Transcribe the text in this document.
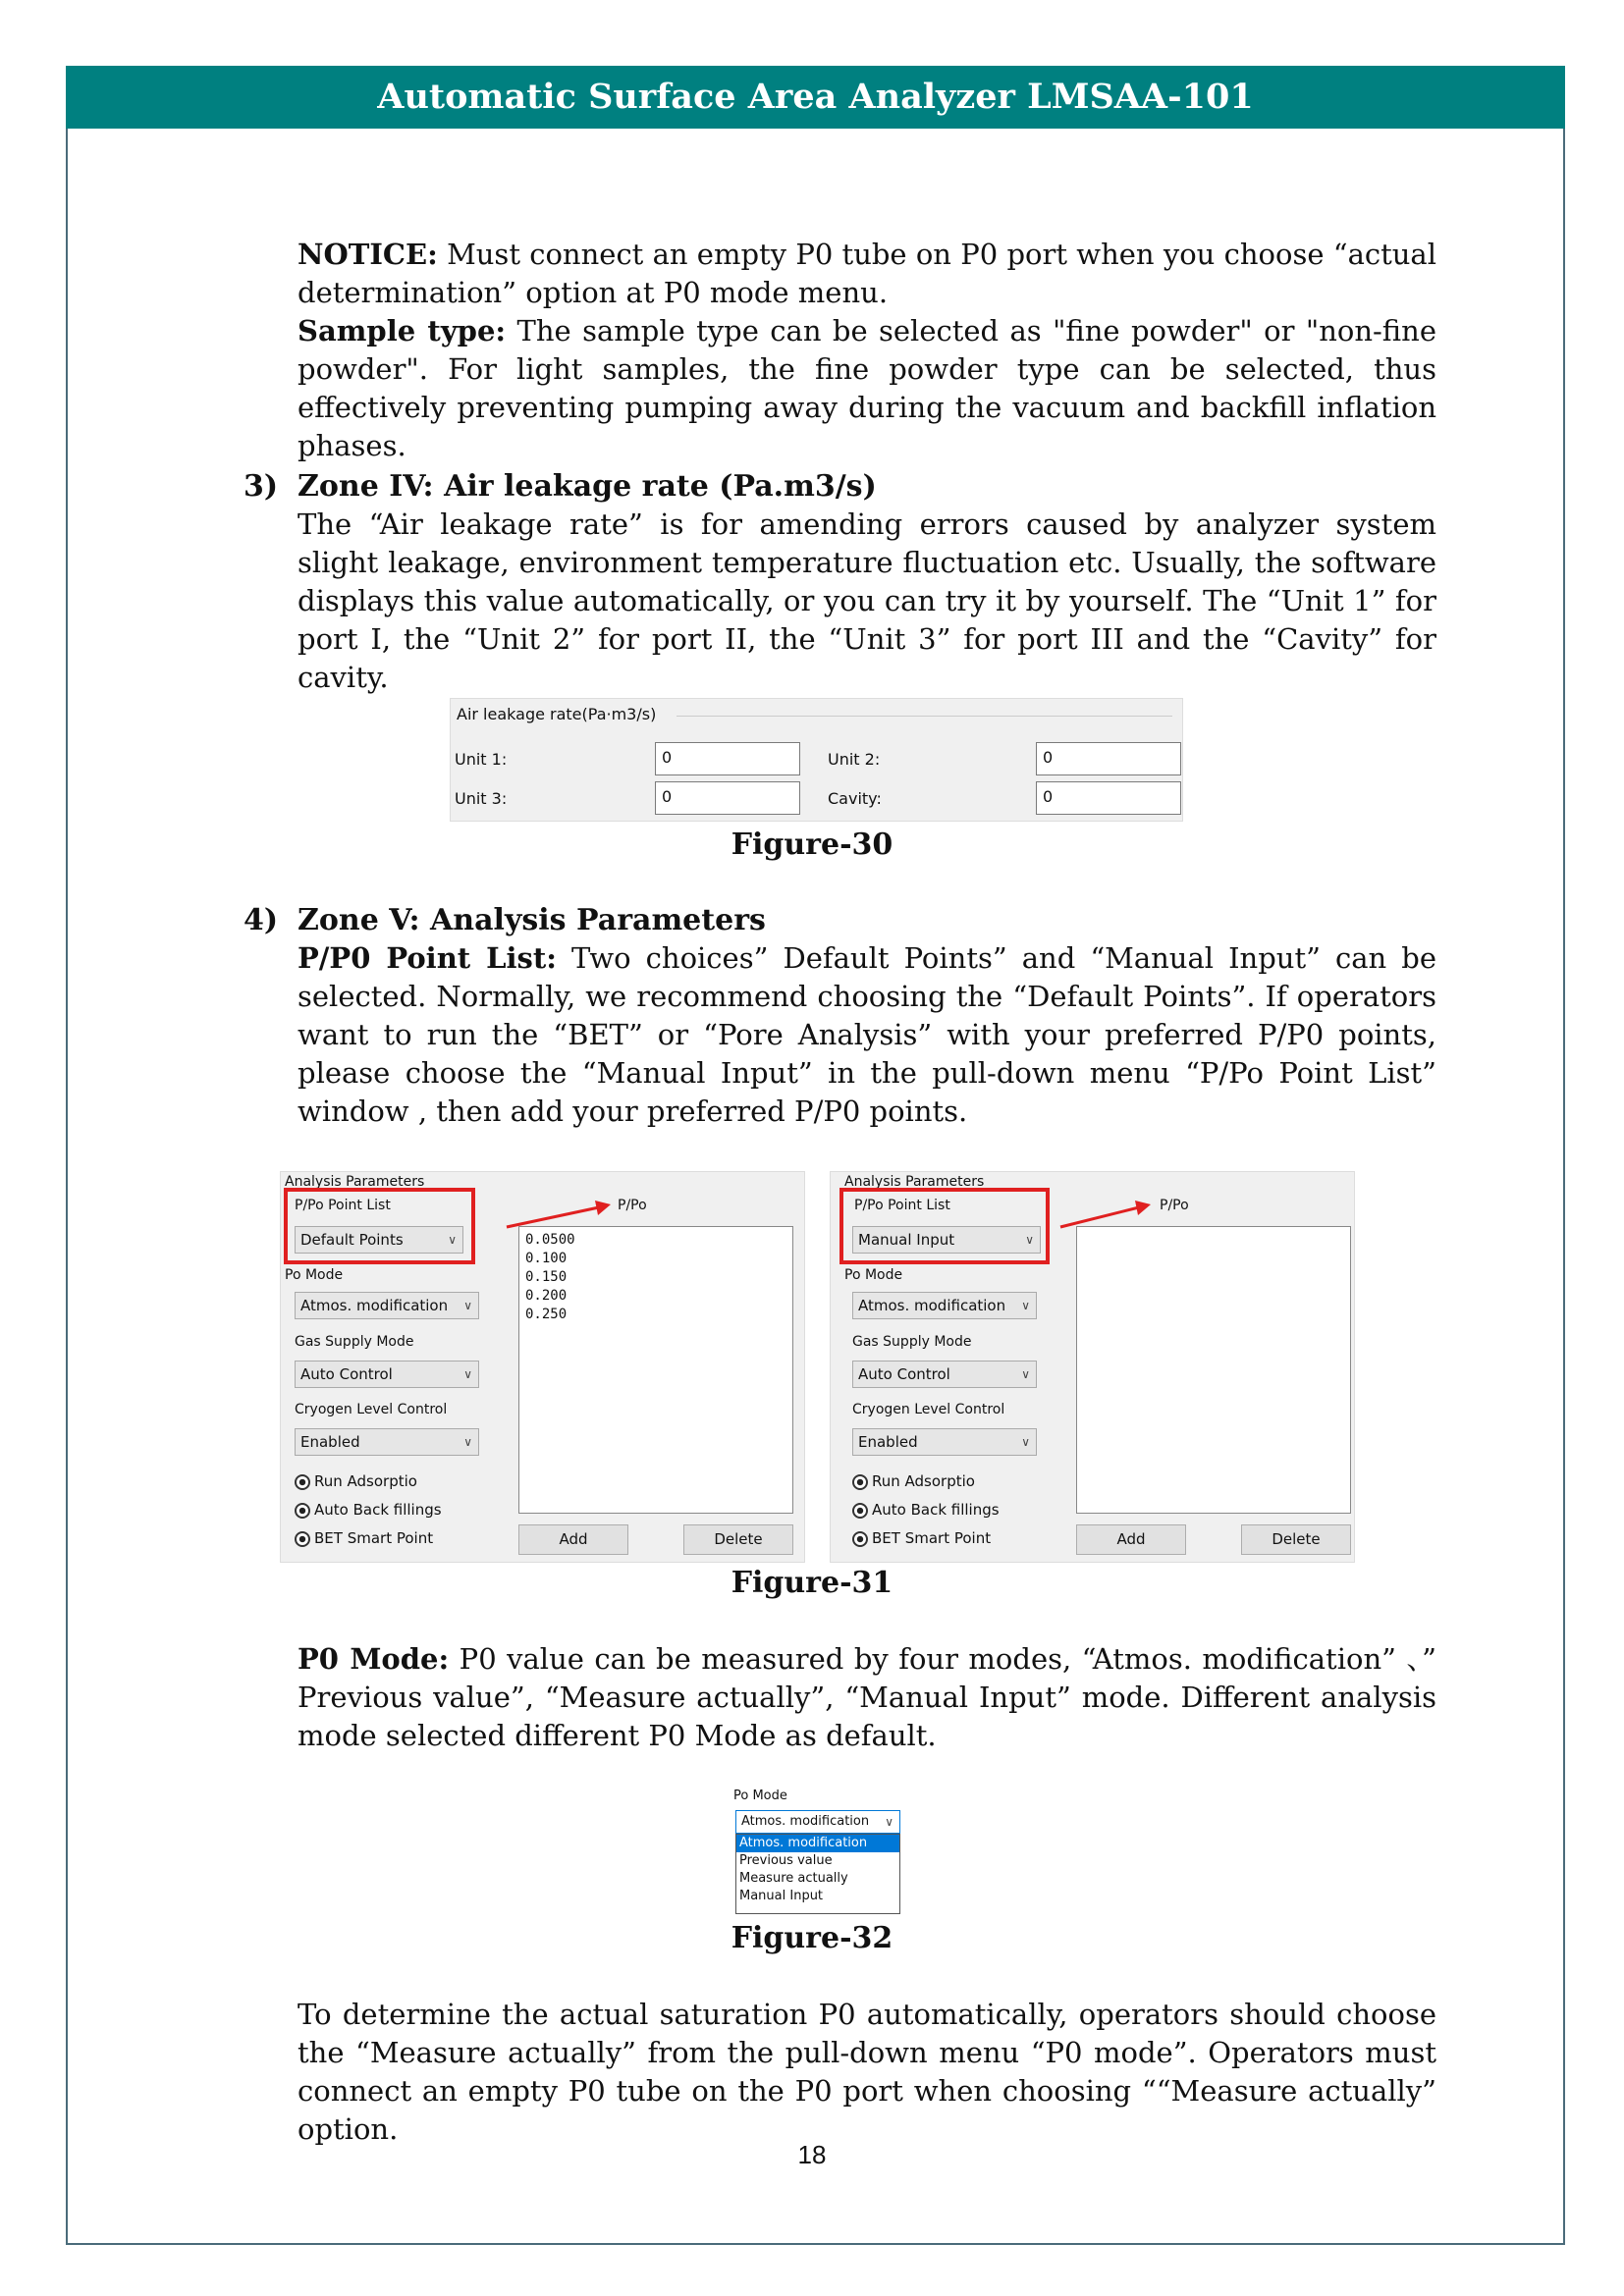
Automatic Surface Area Analyzer LMSAA-101

NOTICE: Must connect an empty P0 tube on P0 port when you choose “actual determination” option at P0 mode menu.

Sample type: The sample type can be selected as "fine powder" or "non-fine powder". For light samples, the fine powder type can be selected, thus effectively preventing pumping away during the vacuum and backfill inflation phases.

3) Zone IV: Air leakage rate (Pa.m3/s)

The “Air leakage rate” is for amending errors caused by analyzer system slight leakage, environment temperature fluctuation etc. Usually, the software displays this value automatically, or you can try it by yourself. The “Unit 1” for port I, the “Unit 2” for port II, the “Unit 3” for port III and the “Cavity” for cavity.

Air leakage rate(Pa·m3/s)
Unit 1:	0	Unit 2:	0
Unit 3:	0	Cavity:	0
Figure-30
4) Zone V: Analysis Parameters

P/P0 Point List: Two choices” Default Points” and “Manual Input” can be selected. Normally, we recommend choosing the “Default Points”. If operators want to run the “BET” or “Pore Analysis” with your preferred P/P0 points, please choose the “Manual Input” in the pull-down menu “P/Po Point List” window , then add your preferred P/P0 points.

Analysis Parameters
P/Po Point List
Default Points	∨
P/Po
0.0500
0.100
0.150
0.200
0.250
Po Mode
Atmos. modification ∨
Gas Supply Mode
Auto Control	∨
Cryogen Level Control
Enabled	∨
Run Adsorptio
Auto Back fillings
BET Smart Point	Add	Delete
Analysis Parameters
P/Po Point List
Manual Input	∨
P/Po
Po Mode
Atmos. modification ∨
Gas Supply Mode
Auto Control	∨
Cryogen Level Control
Enabled	∨
Run Adsorptio
Auto Back fillings
BET Smart Point	Add	Delete
Figure-31

P0 Mode: P0 value can be measured by four modes, “Atmos. modification” 、” Previous value”, “Measure actually”, “Manual Input” mode. Different analysis mode selected different P0 Mode as default.

Po Mode
Atmos. modification ∨
Atmos. modification
Previous value
Measure actually
Manual Input
Figure-32

To determine the actual saturation P0 automatically, operators should choose the “Measure actually” from the pull-down menu “P0 mode”. Operators must connect an empty P0 tube on the P0 port when choosing ““Measure actually” option.

18
